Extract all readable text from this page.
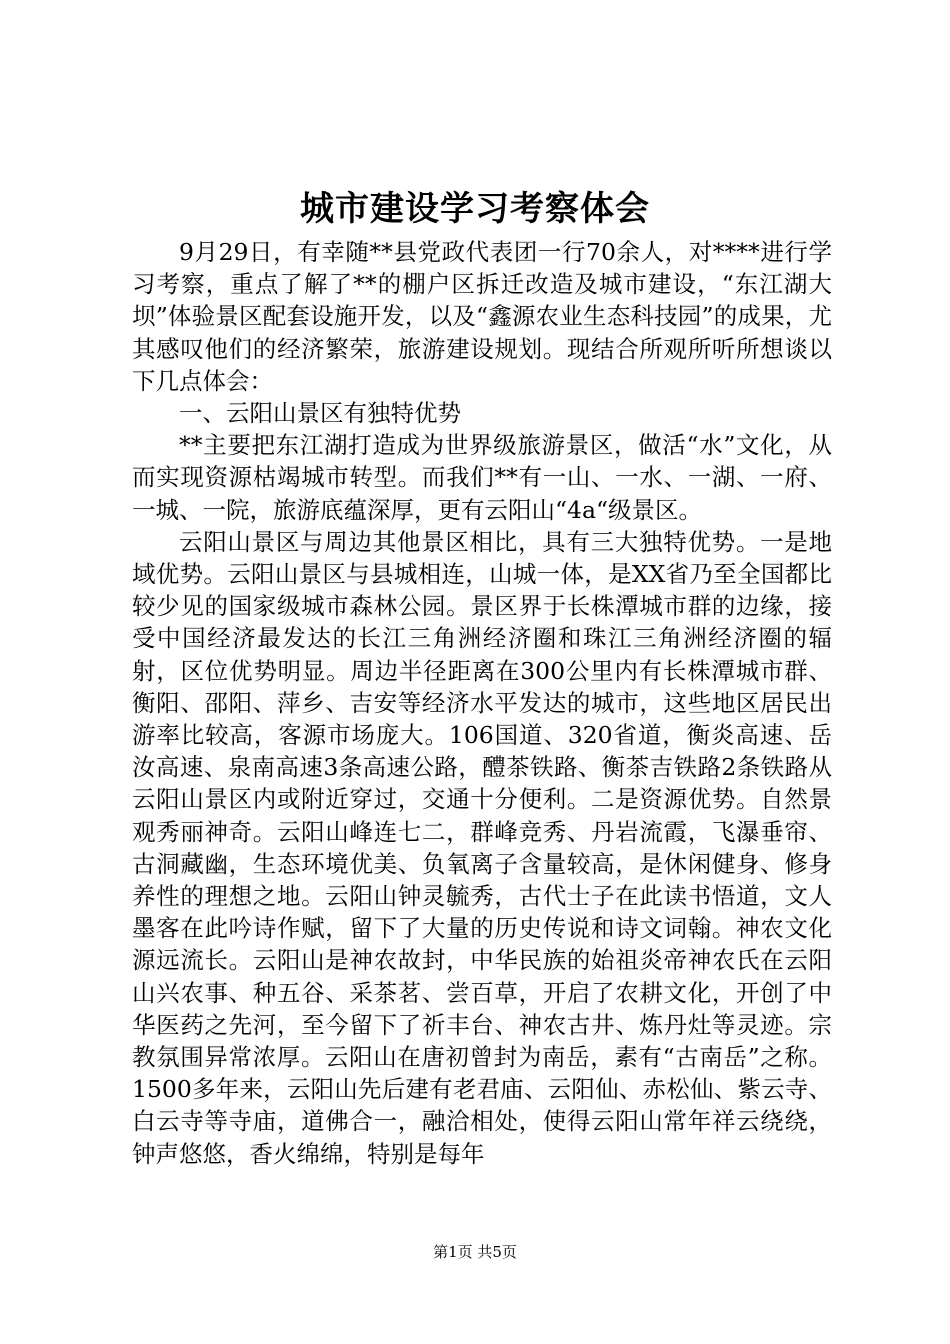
城市建设学习考察体会

9月29日，有幸随**县党政代表团一行70余人，对****进行学习考察，重点了解了**的棚户区拆迁改造及城市建设，“东江湖大坝”体验景区配套设施开发，以及“鑫源农业生态科技园”的成果，尤其感叹他们的经济繁荣，旅游建设规划。现结合所观所听所想谈以下几点体会：

一、云阳山景区有独特优势

**主要把东江湖打造成为世界级旅游景区，做活“水”文化，从而实现资源枯竭城市转型。而我们**有一山、一水、一湖、一府、一城、一院，旅游底蕴深厚，更有云阳山“4a“级景区。

云阳山景区与周边其他景区相比，具有三大独特优势。一是地域优势。云阳山景区与县城相连，山城一体，是XX省乃至全国都比较少见的国家级城市森林公园。景区界于长株潭城市群的边缘，接受中国经济最发达的长江三角洲经济圈和珠江三角洲经济圈的辐射，区位优势明显。周边半径距离在300公里内有长株潭城市群、衡阳、邵阳、萍乡、吉安等经济水平发达的城市，这些地区居民出游率比较高，客源市场庞大。106国道、320省道，衡炎高速、岳汝高速、泉南高速3条高速公路，醴茶铁路、衡茶吉铁路2条铁路从云阳山景区内或附近穿过，交通十分便利。二是资源优势。自然景观秀丽神奇。云阳山峰连七二，群峰竞秀、丹岩流霞，飞瀑垂帘、古洞藏幽，生态环境优美、负氧离子含量较高，是休闲健身、修身养性的理想之地。云阳山钟灵毓秀，古代士子在此读书悟道，文人墨客在此吟诗作赋，留下了大量的历史传说和诗文词翰。神农文化源远流长。云阳山是神农故封，中华民族的始祖炎帝神农氏在云阳山兴农事、种五谷、采茶茗、尝百草，开启了农耕文化，开创了中华医药之先河，至今留下了祈丰台、神农古井、炼丹灶等灵迹。宗教氛围异常浓厚。云阳山在唐初曾封为南岳，素有“古南岳”之称。1500多年来，云阳山先后建有老君庙、云阳仙、赤松仙、紫云寺、白云寺等寺庙，道佛合一，融洽相处，使得云阳山常年祥云绕绕，钟声悠悠，香火绵绵，特别是每年

第1页 共5页
